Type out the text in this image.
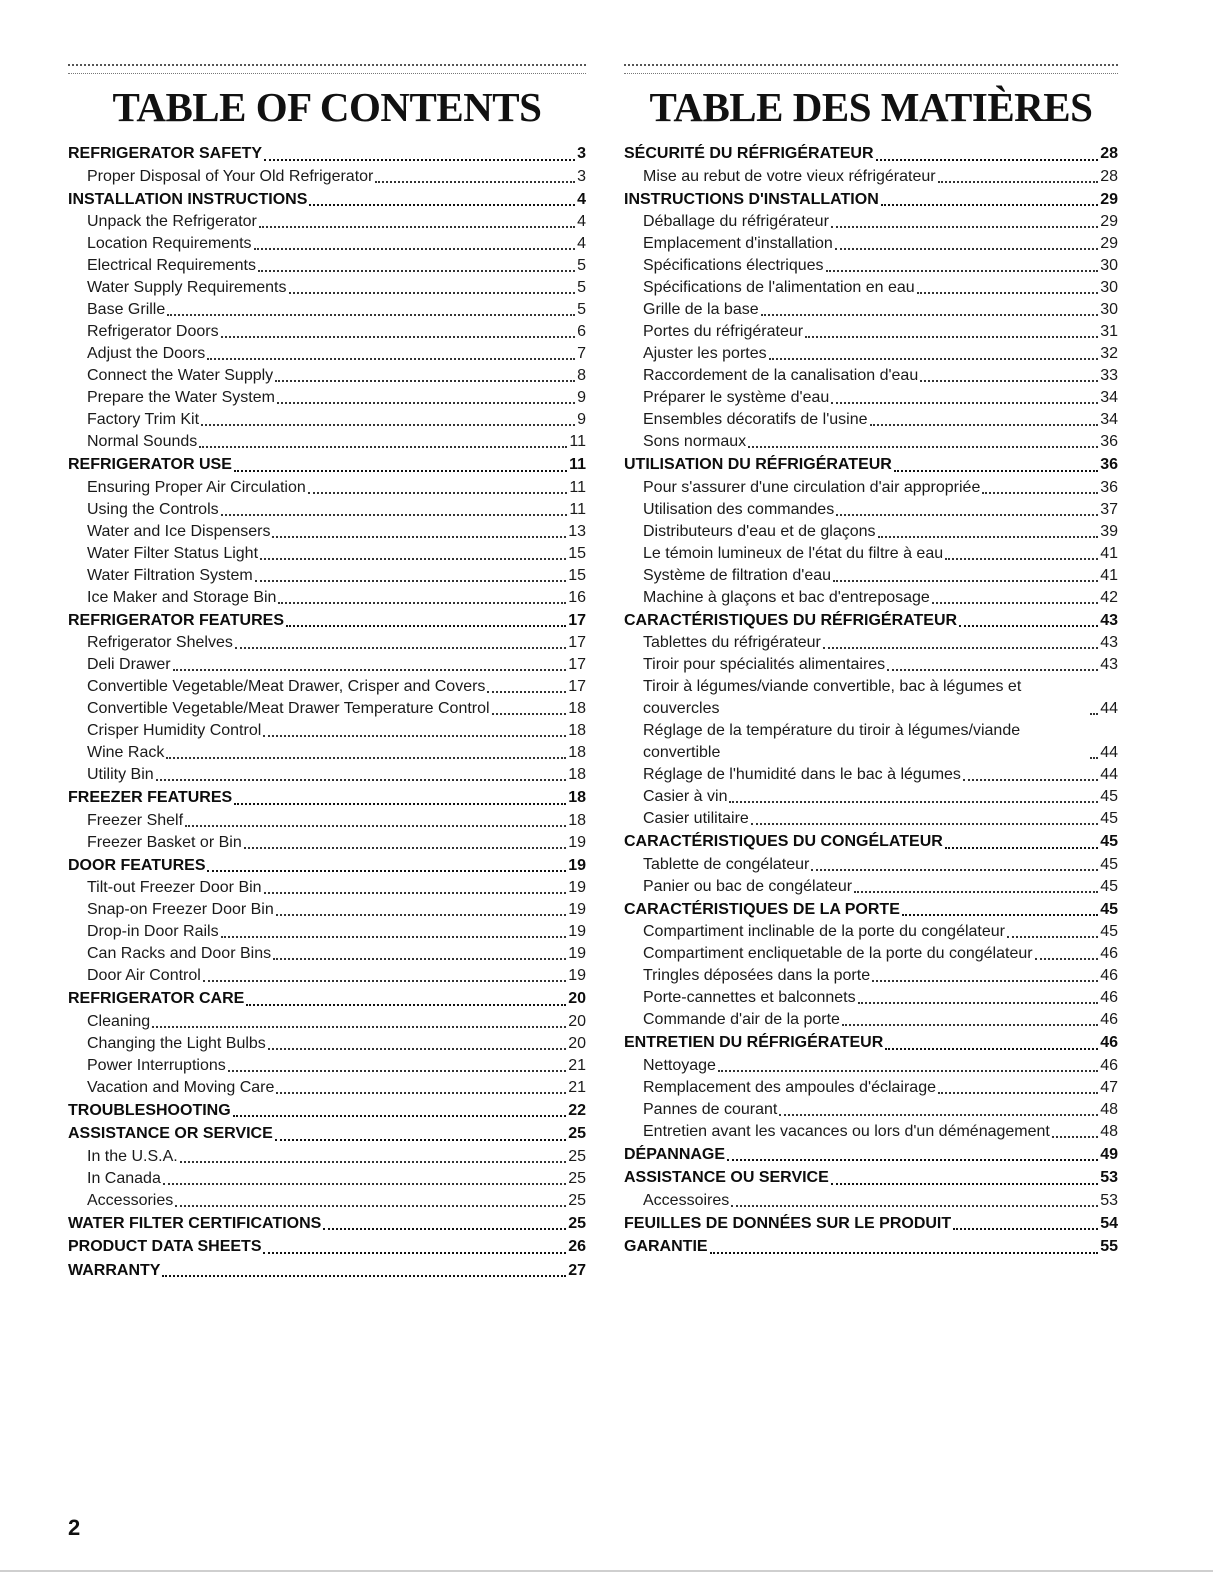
TABLE OF CONTENTS
REFRIGERATOR SAFETY	3
Proper Disposal of Your Old Refrigerator	3
INSTALLATION INSTRUCTIONS	4
Unpack the Refrigerator	4
Location Requirements	4
Electrical Requirements	5
Water Supply Requirements	5
Base Grille	5
Refrigerator Doors	6
Adjust the Doors	7
Connect the Water Supply	8
Prepare the Water System	9
Factory Trim Kit	9
Normal Sounds	11
REFRIGERATOR USE	11
Ensuring Proper Air Circulation	11
Using the Controls	11
Water and Ice Dispensers	13
Water Filter Status Light	15
Water Filtration System	15
Ice Maker and Storage Bin	16
REFRIGERATOR FEATURES	17
Refrigerator Shelves	17
Deli Drawer	17
Convertible Vegetable/Meat Drawer, Crisper and Covers	17
Convertible Vegetable/Meat Drawer Temperature Control	18
Crisper Humidity Control	18
Wine Rack	18
Utility Bin	18
FREEZER FEATURES	18
Freezer Shelf	18
Freezer Basket or Bin	19
DOOR FEATURES	19
Tilt-out Freezer Door Bin	19
Snap-on Freezer Door Bin	19
Drop-in Door Rails	19
Can Racks and Door Bins	19
Door Air Control	19
REFRIGERATOR CARE	20
Cleaning	20
Changing the Light Bulbs	20
Power Interruptions	21
Vacation and Moving Care	21
TROUBLESHOOTING	22
ASSISTANCE OR SERVICE	25
In the U.S.A.	25
In Canada	25
Accessories	25
WATER FILTER CERTIFICATIONS	25
PRODUCT DATA SHEETS	26
WARRANTY	27
TABLE DES MATIÈRES
SÉCURITÉ DU RÉFRIGÉRATEUR	28
Mise au rebut de votre vieux réfrigérateur	28
INSTRUCTIONS D'INSTALLATION	29
Déballage du réfrigérateur	29
Emplacement d'installation	29
Spécifications électriques	30
Spécifications de l'alimentation en eau	30
Grille de la base	30
Portes du réfrigérateur	31
Ajuster les portes	32
Raccordement de la canalisation d'eau	33
Préparer le système d'eau	34
Ensembles décoratifs de l'usine	34
Sons normaux	36
UTILISATION DU RÉFRIGÉRATEUR	36
Pour s'assurer d'une circulation d'air appropriée	36
Utilisation des commandes	37
Distributeurs d'eau et de glaçons	39
Le témoin lumineux de l'état du filtre à eau	41
Système de filtration d'eau	41
Machine à glaçons et bac d'entreposage	42
CARACTÉRISTIQUES DU RÉFRIGÉRATEUR	43
Tablettes du réfrigérateur	43
Tiroir pour spécialités alimentaires	43
Tiroir à légumes/viande convertible, bac à légumes et couvercles	44
Réglage de la température du tiroir à légumes/viande convertible	44
Réglage de l'humidité dans le bac à légumes	44
Casier à vin	45
Casier utilitaire	45
CARACTÉRISTIQUES DU CONGÉLATEUR	45
Tablette de congélateur	45
Panier ou bac de congélateur	45
CARACTÉRISTIQUES DE LA PORTE	45
Compartiment inclinable de la porte du congélateur	45
Compartiment encliquetable de la porte du congélateur	46
Tringles déposées dans la porte	46
Porte-cannettes et balconnets	46
Commande d'air de la porte	46
ENTRETIEN DU RÉFRIGÉRATEUR	46
Nettoyage	46
Remplacement des ampoules d'éclairage	47
Pannes de courant	48
Entretien avant les vacances ou lors d'un déménagement	48
DÉPANNAGE	49
ASSISTANCE OU SERVICE	53
Accessoires	53
FEUILLES DE DONNÉES SUR LE PRODUIT	54
GARANTIE	55
2
